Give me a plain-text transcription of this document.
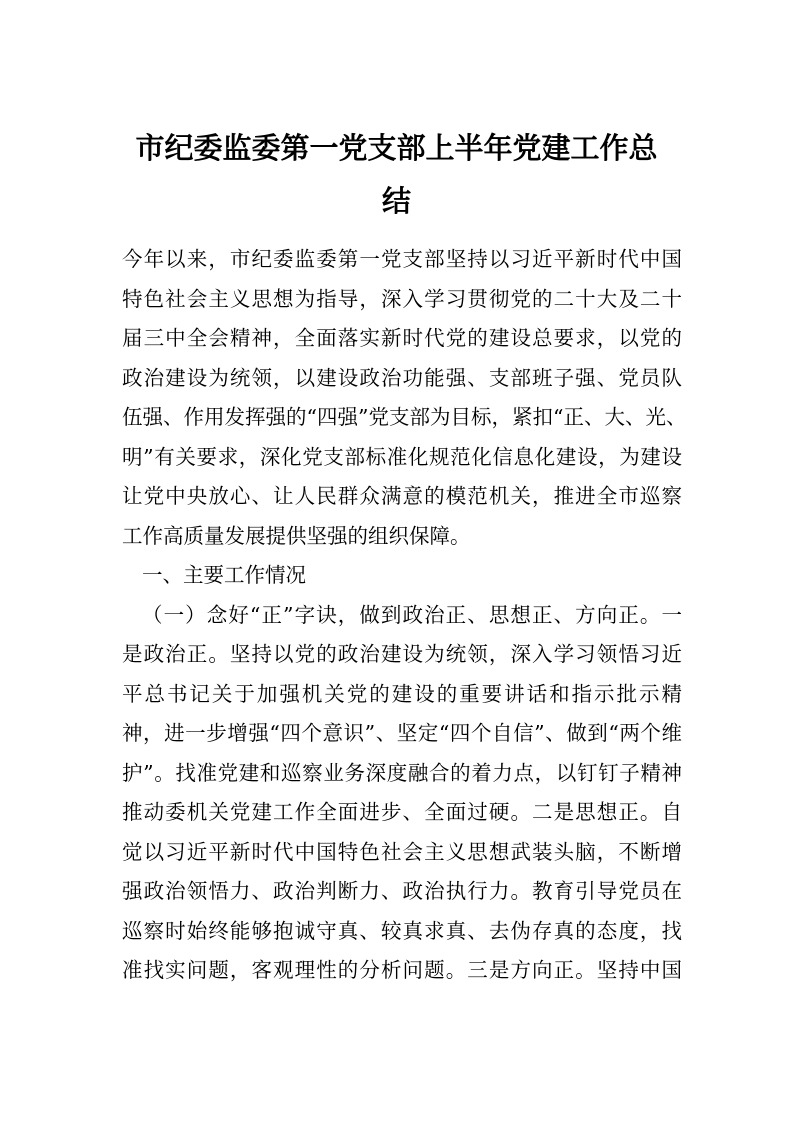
市纪委监委第一党支部上半年党建工作总
结
今年以来，市纪委监委第一党支部坚持以习近平新时代中国
特色社会主义思想为指导，深入学习贯彻党的二十大及二十
届三中全会精神，全面落实新时代党的建设总要求，以党的
政治建设为统领，以建设政治功能强、支部班子强、党员队
伍强、作用发挥强的“四强”党支部为目标，紧扣“正、大、光、
明”有关要求，深化党支部标准化规范化信息化建设，为建设
让党中央放心、让人民群众满意的模范机关，推进全市巡察
工作高质量发展提供坚强的组织保障。
一、主要工作情况
（一）念好“正”字诀，做到政治正、思想正、方向正。一
是政治正。坚持以党的政治建设为统领，深入学习领悟习近
平总书记关于加强机关党的建设的重要讲话和指示批示精
神，进一步增强“四个意识”、坚定“四个自信”、做到“两个维
护”。找准党建和巡察业务深度融合的着力点，以钉钉子精神
推动委机关党建工作全面进步、全面过硬。二是思想正。自
觉以习近平新时代中国特色社会主义思想武装头脑，不断增
强政治领悟力、政治判断力、政治执行力。教育引导党员在
巡察时始终能够抱诚守真、较真求真、去伪存真的态度，找
准找实问题，客观理性的分析问题。三是方向正。坚持中国
